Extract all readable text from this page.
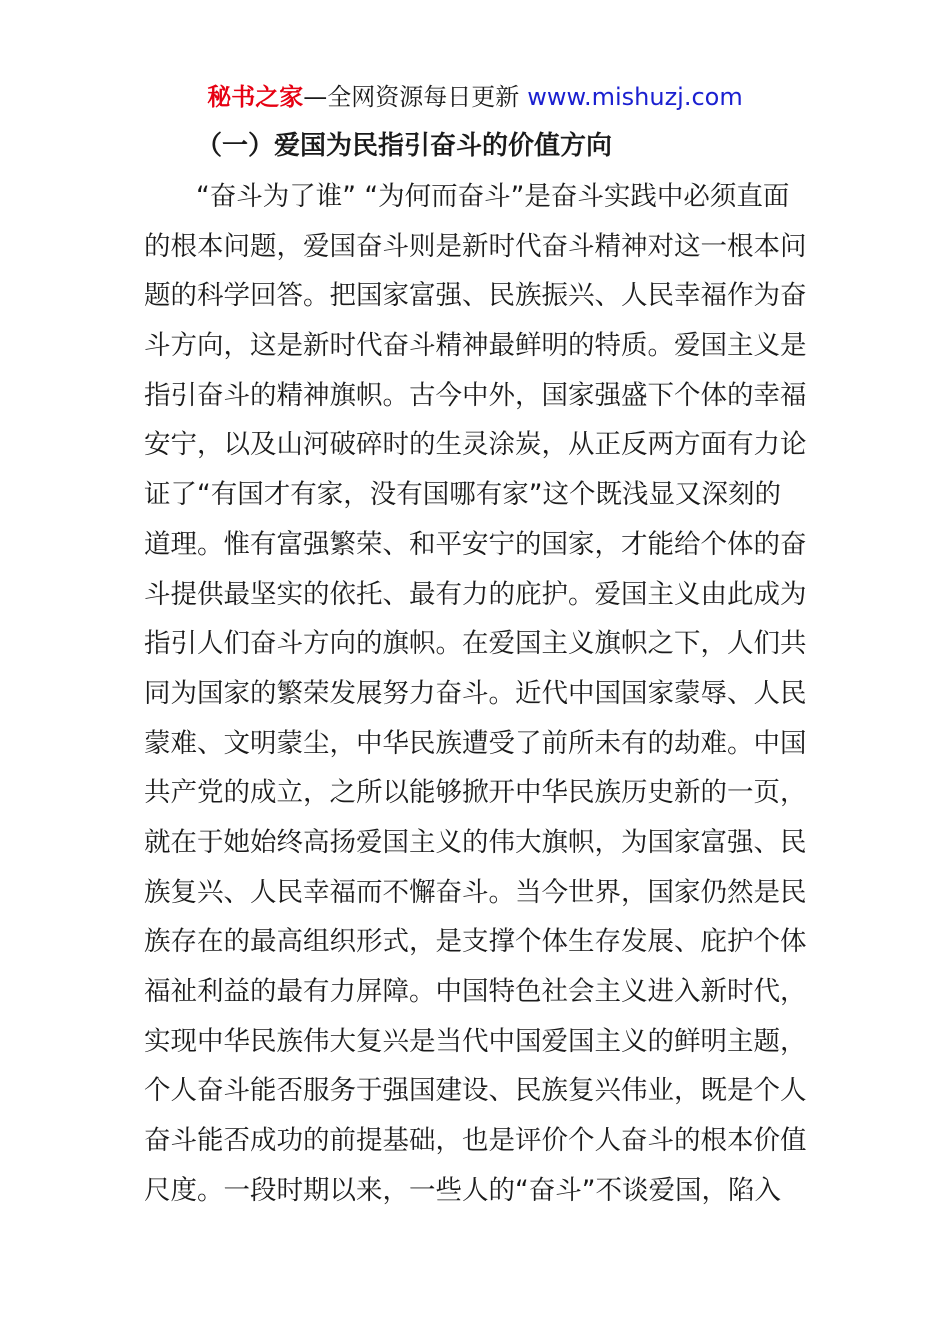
秘书之家—全网资源每日更新 www.mishuzj.com
（一）爱国为民指引奋斗的价值方向
“奋斗为了谁” “为何而奋斗”是奋斗实践中必须直面
的根本问题，爱国奋斗则是新时代奋斗精神对这一根本问
题的科学回答。把国家富强、民族振兴、人民幸福作为奋
斗方向，这是新时代奋斗精神最鲜明的特质。爱国主义是
指引奋斗的精神旗帜。古今中外，国家强盛下个体的幸福
安宁，以及山河破碎时的生灵涂炭，从正反两方面有力论
证了“有国才有家，没有国哪有家”这个既浅显又深刻的
道理。惟有富强繁荣、和平安宁的国家，才能给个体的奋
斗提供最坚实的依托、最有力的庇护。爱国主义由此成为
指引人们奋斗方向的旗帜。在爱国主义旗帜之下，人们共
同为国家的繁荣发展努力奋斗。近代中国国家蒙辱、人民
蒙难、文明蒙尘，中华民族遭受了前所未有的劫难。中国
共产党的成立，之所以能够掀开中华民族历史新的一页，
就在于她始终高扬爱国主义的伟大旗帜，为国家富强、民
族复兴、人民幸福而不懈奋斗。当今世界，国家仍然是民
族存在的最高组织形式，是支撑个体生存发展、庇护个体
福祉利益的最有力屏障。中国特色社会主义进入新时代，
实现中华民族伟大复兴是当代中国爱国主义的鲜明主题，
个人奋斗能否服务于强国建设、民族复兴伟业，既是个人
奋斗能否成功的前提基础，也是评价个人奋斗的根本价值
尺度。一段时期以来，一些人的“奋斗”不谈爱国，陷入
